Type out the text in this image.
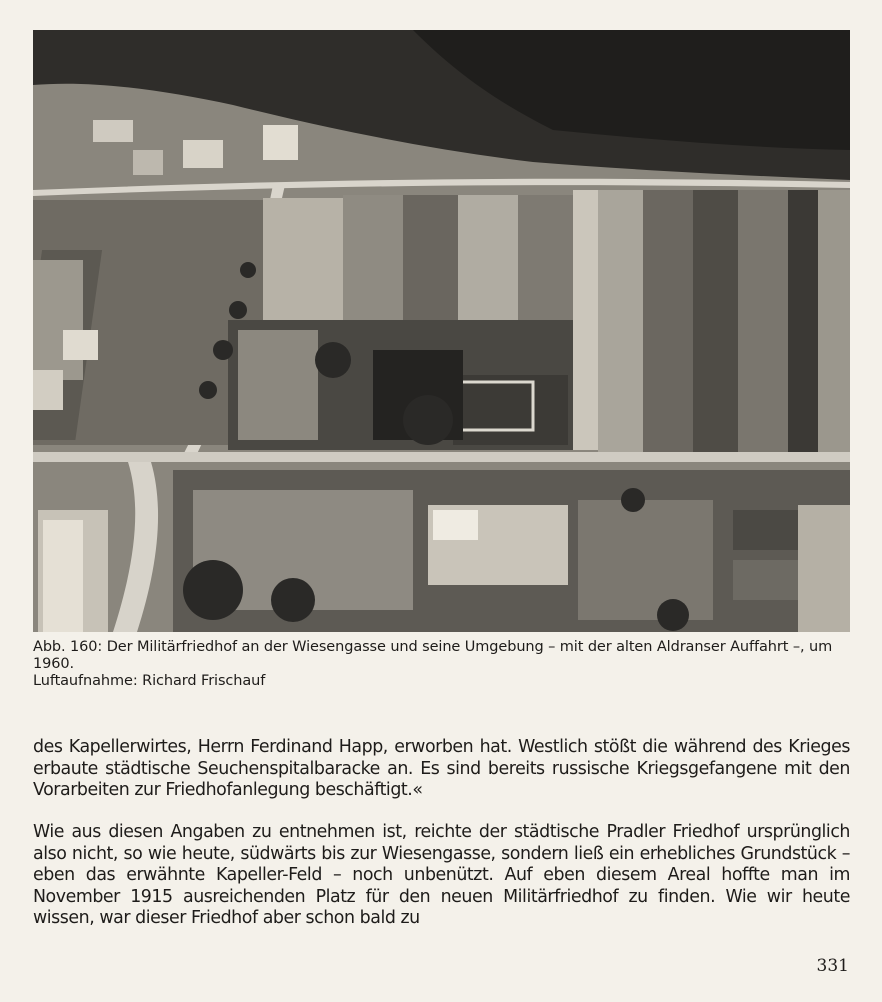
Abb. 160: Der Militärfriedhof an der Wiesengasse und seine Umgebung – mit der alten Aldranser Auffahrt –, um 1960.

Luftaufnahme: Richard Frischauf

des Kapellerwirtes, Herrn Ferdinand Happ, erworben hat. Westlich stößt die während des Krieges erbaute städtische Seuchenspitalbaracke an. Es sind bereits russische Kriegsgefangene mit den Vorarbeiten zur Friedhofanlegung beschäftigt.«

Wie aus diesen Angaben zu entnehmen ist, reichte der städtische Pradler Friedhof ursprünglich also nicht, so wie heute, südwärts bis zur Wiesengasse, sondern ließ ein erhebliches Grundstück – eben das erwähnte Kapeller-Feld – noch unbenützt. Auf eben diesem Areal hoffte man im November 1915 ausreichenden Platz für den neuen Militärfriedhof zu finden. Wie wir heute wissen, war dieser Friedhof aber schon bald zu

331
